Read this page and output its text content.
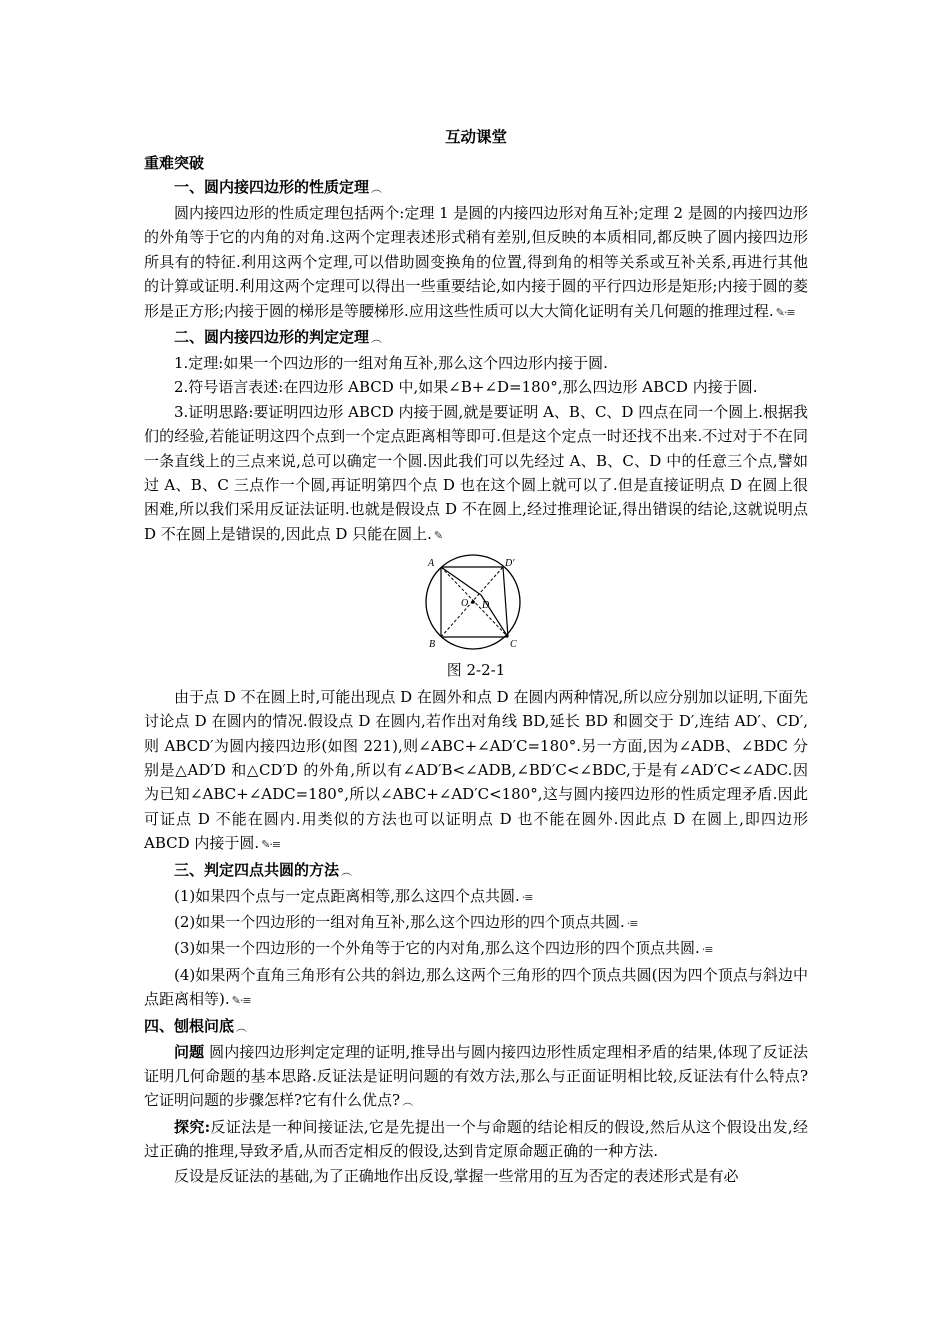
互动课堂
重难突破
一、圆内接四边形的性质定理 ︵

圆内接四边形的性质定理包括两个:定理 1 是圆的内接四边形对角互补;定理 2 是圆的内接四边形的外角等于它的内角的对角.这两个定理表述形式稍有差别,但反映的本质相同,都反映了圆内接四边形所具有的特征.利用这两个定理,可以借助圆变换角的位置,得到角的相等关系或互补关系,再进行其他的计算或证明.利用这两个定理可以得出一些重要结论,如内接于圆的平行四边形是矩形;内接于圆的菱形是正方形;内接于圆的梯形是等腰梯形.应用这些性质可以大大简化证明有关几何题的推理过程. ✎·≡

二、圆内接四边形的判定定理 ︵

1.定理:如果一个四边形的一组对角互补,那么这个四边形内接于圆.

2.符号语言表述:在四边形 ABCD 中,如果∠B+∠D=180°,那么四边形 ABCD 内接于圆.

3.证明思路:要证明四边形 ABCD 内接于圆,就是要证明 A、B、C、D 四点在同一个圆上.根据我们的经验,若能证明这四个点到一个定点距离相等即可.但是这个定点一时还找不出来.不过对于不在同一条直线上的三点来说,总可以确定一个圆.因此我们可以先经过 A、B、C、D 中的任意三个点,譬如过 A、B、C 三点作一个圆,再证明第四个点 D 也在这个圆上就可以了.但是直接证明点 D 在圆上很困难,所以我们采用反证法证明.也就是假设点 D 不在圆上,经过推理论证,得出错误的结论,这就说明点 D 不在圆上是错误的,因此点 D 只能在圆上. ✎

A	D′
O D
B	C

图 2-2-1

由于点 D 不在圆上时,可能出现点 D 在圆外和点 D 在圆内两种情况,所以应分别加以证明,下面先讨论点 D 在圆内的情况.假设点 D 在圆内,若作出对角线 BD,延长 BD 和圆交于 D′,连结 AD′、CD′,则 ABCD′为圆内接四边形(如图 221),则∠ABC+∠AD′C=180°.另一方面,因为∠ADB、∠BDC 分别是△AD′D 和△CD′D 的外角,所以有∠AD′B<∠ADB,∠BD′C<∠BDC,于是有∠AD′C<∠ADC.因为已知∠ABC+∠ADC=180°,所以∠ABC+∠AD′C<180°,这与圆内接四边形的性质定理矛盾.因此可证点 D 不能在圆内.用类似的方法也可以证明点 D 也不能在圆外.因此点 D 在圆上,即四边形 ABCD 内接于圆. ✎·≡

三、判定四点共圆的方法 ︵

(1)如果四个点与一定点距离相等,那么这四个点共圆. ·≡

(2)如果一个四边形的一组对角互补,那么这个四边形的四个顶点共圆. ·≡

(3)如果一个四边形的一个外角等于它的内对角,那么这个四边形的四个顶点共圆. ·≡

(4)如果两个直角三角形有公共的斜边,那么这两个三角形的四个顶点共圆(因为四个顶点与斜边中点距离相等). ✎·≡

四、刨根问底 ︵

问题 圆内接四边形判定定理的证明,推导出与圆内接四边形性质定理相矛盾的结果,体现了反证法证明几何命题的基本思路.反证法是证明问题的有效方法,那么与正面证明相比较,反证法有什么特点?它证明问题的步骤怎样?它有什么优点? ︵

探究:反证法是一种间接证法,它是先提出一个与命题的结论相反的假设,然后从这个假设出发,经过正确的推理,导致矛盾,从而否定相反的假设,达到肯定原命题正确的一种方法.

反设是反证法的基础,为了正确地作出反设,掌握一些常用的互为否定的表述形式是有必
